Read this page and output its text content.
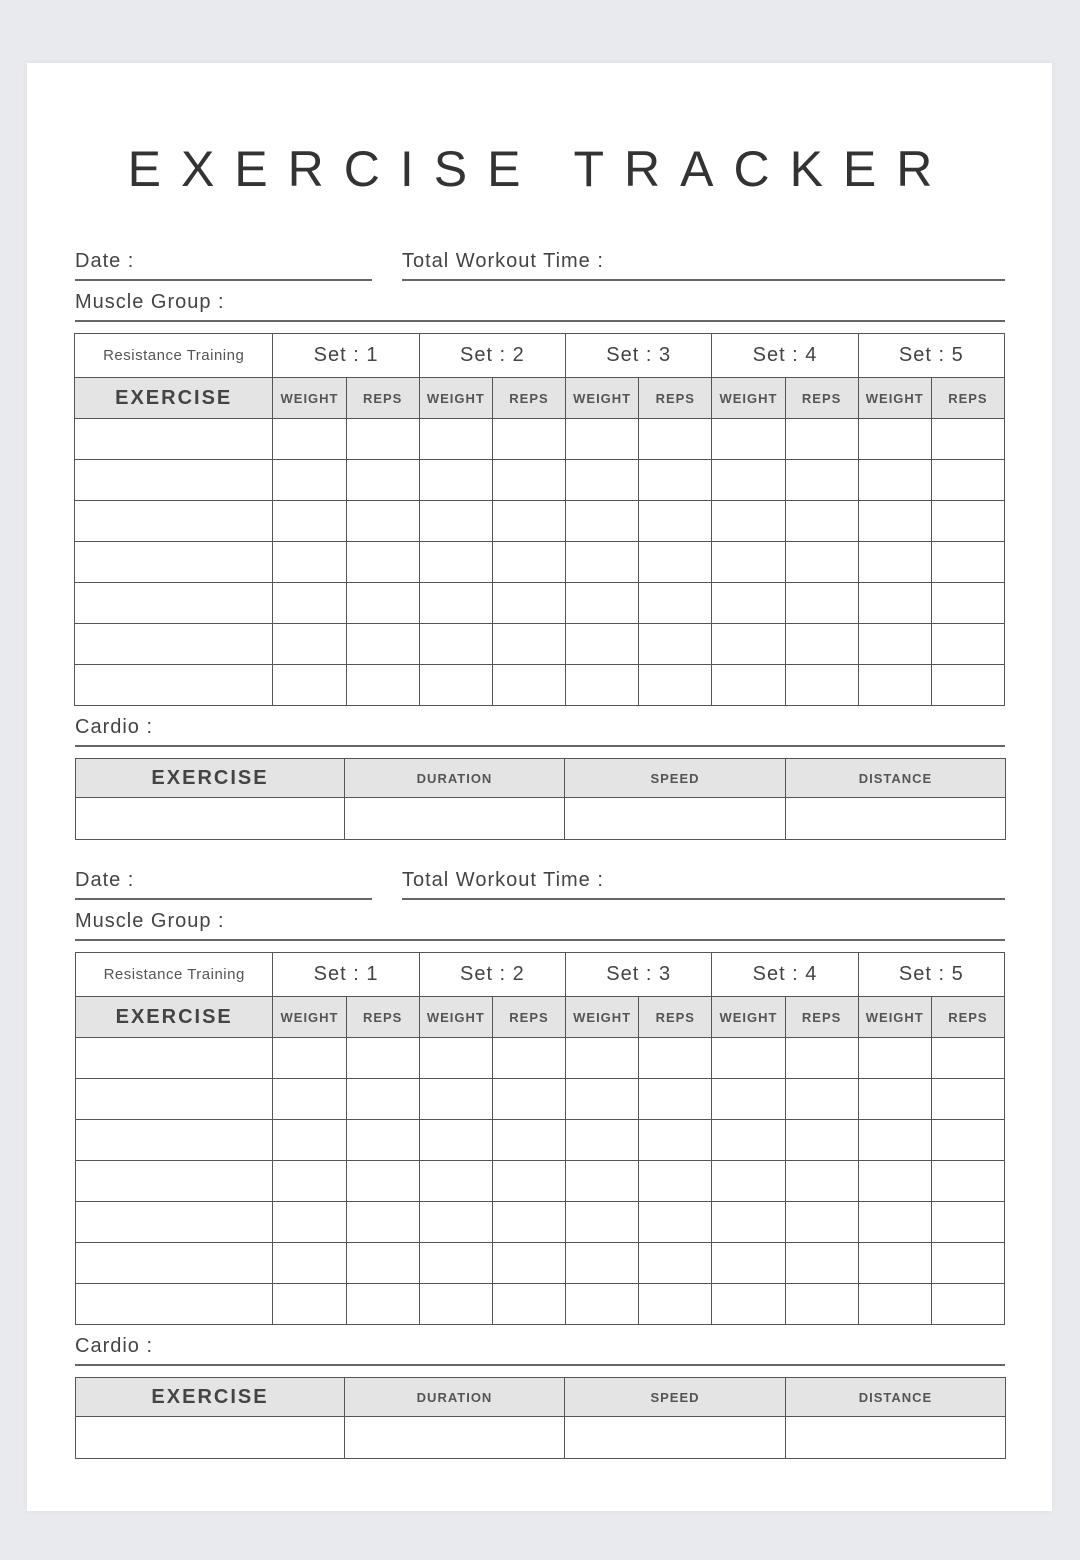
EXERCISE TRACKER
Date :	Total Workout Time :
Muscle Group :
Resistance Training	Set : 1		Set : 2		Set : 3		Set : 4		Set : 5	
EXERCISE	WEIGHT	REPS	WEIGHT	REPS	WEIGHT	REPS	WEIGHT	REPS	WEIGHT	REPS

Cardio :
EXERCISE	DURATION	SPEED	DISTANCE

Date :	Total Workout Time :
Muscle Group :
Resistance Training	Set : 1		Set : 2		Set : 3		Set : 4		Set : 5	
EXERCISE	WEIGHT	REPS	WEIGHT	REPS	WEIGHT	REPS	WEIGHT	REPS	WEIGHT	REPS

Cardio :
EXERCISE	DURATION	SPEED	DISTANCE
